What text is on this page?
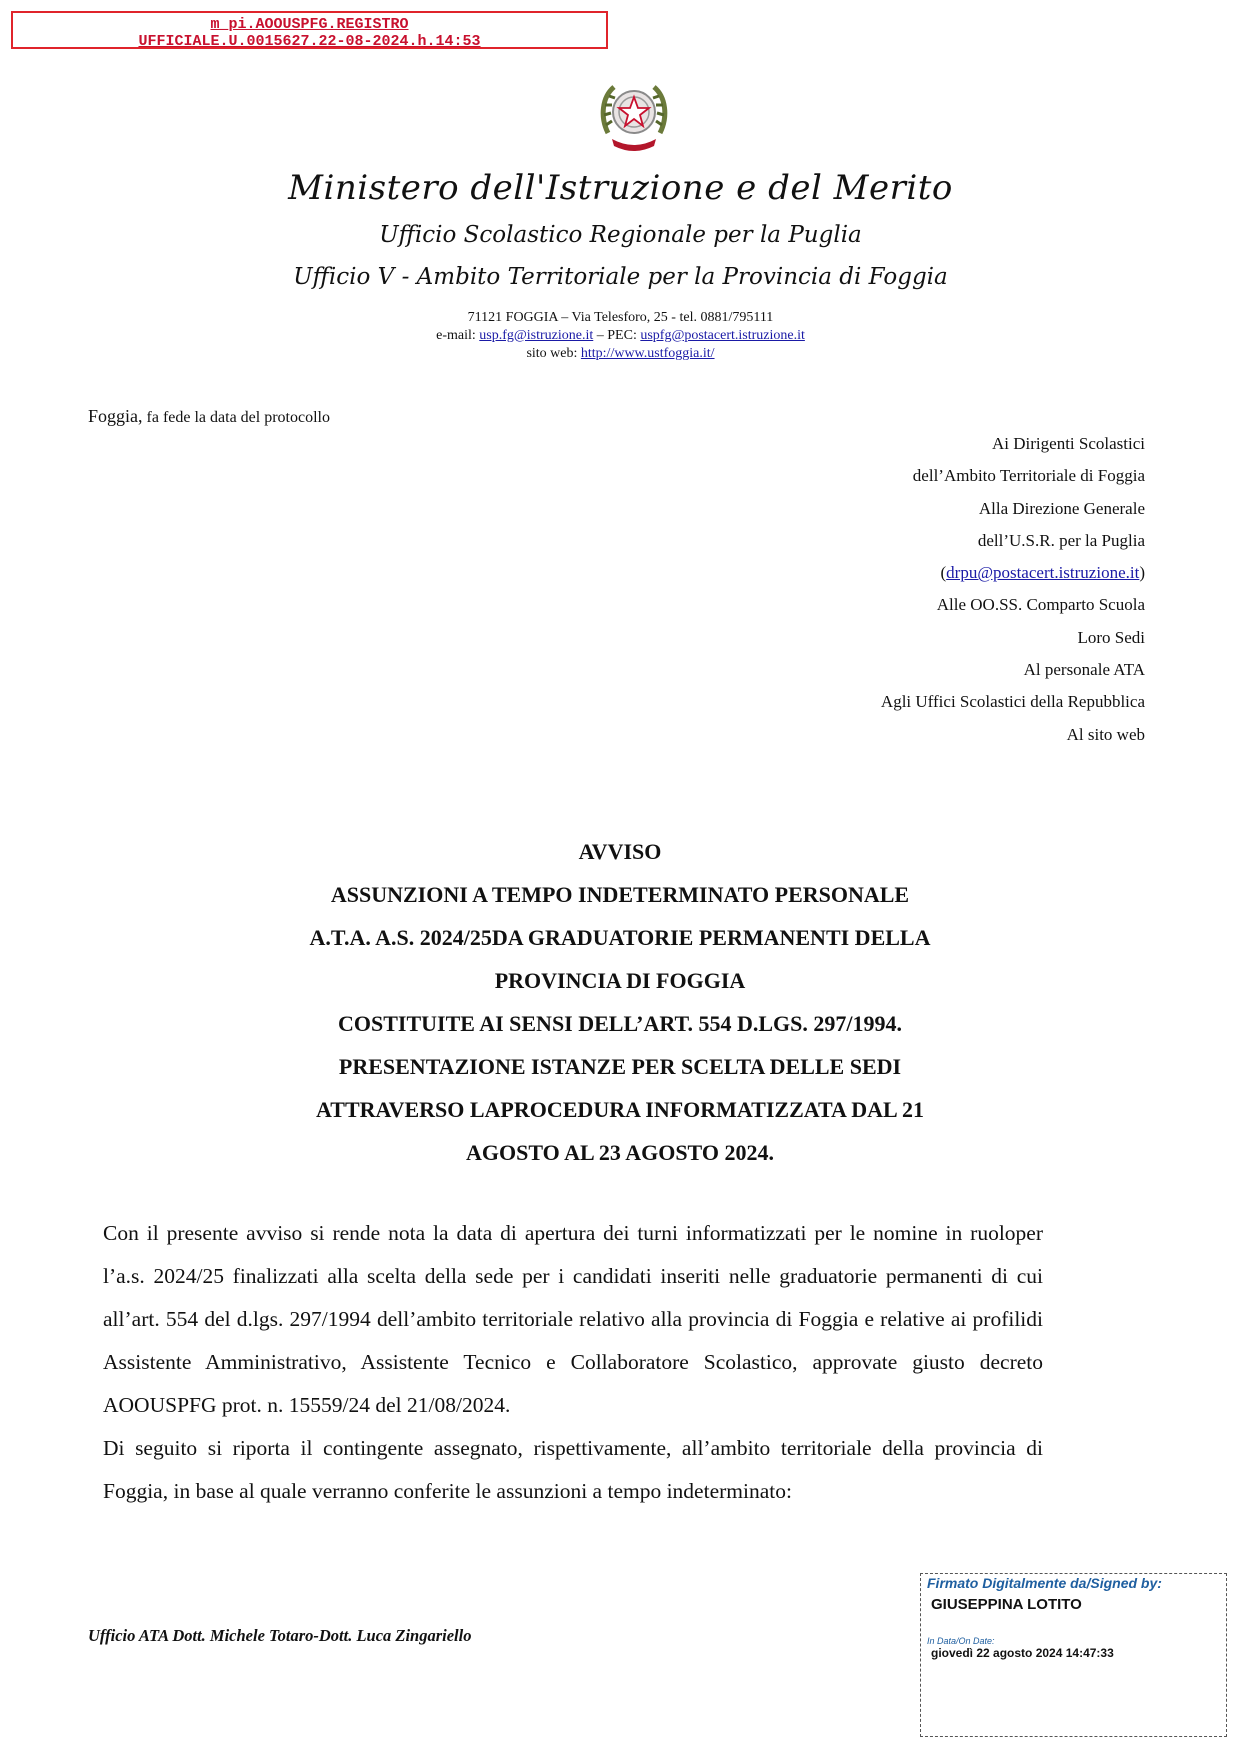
m_pi.AOOUSPFG.REGISTRO
UFFICIALE.U.0015627.22-08-2024.h.14:53
Ministero dell'Istruzione e del Merito
Ufficio Scolastico Regionale per la Puglia
Ufficio V - Ambito Territoriale per la Provincia di Foggia
71121 FOGGIA – Via Telesforo, 25 - tel. 0881/795111
e-mail: usp.fg@istruzione.it – PEC: uspfg@postacert.istruzione.it
sito web: http://www.ustfoggia.it/
Foggia, fa fede la data del protocollo
Ai Dirigenti Scolastici
dell’Ambito Territoriale di Foggia
Alla Direzione Generale
dell’U.S.R. per la Puglia
(drpu@postacert.istruzione.it)
Alle OO.SS. Comparto Scuola
Loro Sedi
Al personale ATA
Agli Uffici Scolastici della Repubblica
Al sito web
AVVISO
ASSUNZIONI A TEMPO INDETERMINATO PERSONALE
A.T.A. A.S. 2024/25DA GRADUATORIE PERMANENTI DELLA
PROVINCIA DI FOGGIA
COSTITUITE AI SENSI DELL’ART. 554 D.LGS. 297/1994.
PRESENTAZIONE ISTANZE PER SCELTA DELLE SEDI
ATTRAVERSO LAPROCEDURA INFORMATIZZATA DAL 21
AGOSTO AL 23 AGOSTO 2024.

Con il presente avviso si rende nota la data di apertura dei turni informatizzati per le nomine in ruoloper l’a.s. 2024/25 finalizzati alla scelta della sede per i candidati inseriti nelle graduatorie permanenti di cui all’art. 554 del d.lgs. 297/1994 dell’ambito territoriale relativo alla provincia di Foggia e relative ai profilidi Assistente Amministrativo, Assistente Tecnico e Collaboratore Scolastico, approvate giusto decreto AOOUSPFG prot. n. 15559/24 del 21/08/2024.

Di seguito si riporta il contingente assegnato, rispettivamente, all’ambito territoriale della provincia di Foggia, in base al quale verranno conferite le assunzioni a tempo indeterminato:

Ufficio ATA Dott. Michele Totaro-Dott. Luca Zingariello
Firmato Digitalmente da/Signed by:
GIUSEPPINA LOTITO
In Data/On Date:
giovedì 22 agosto 2024 14:47:33
